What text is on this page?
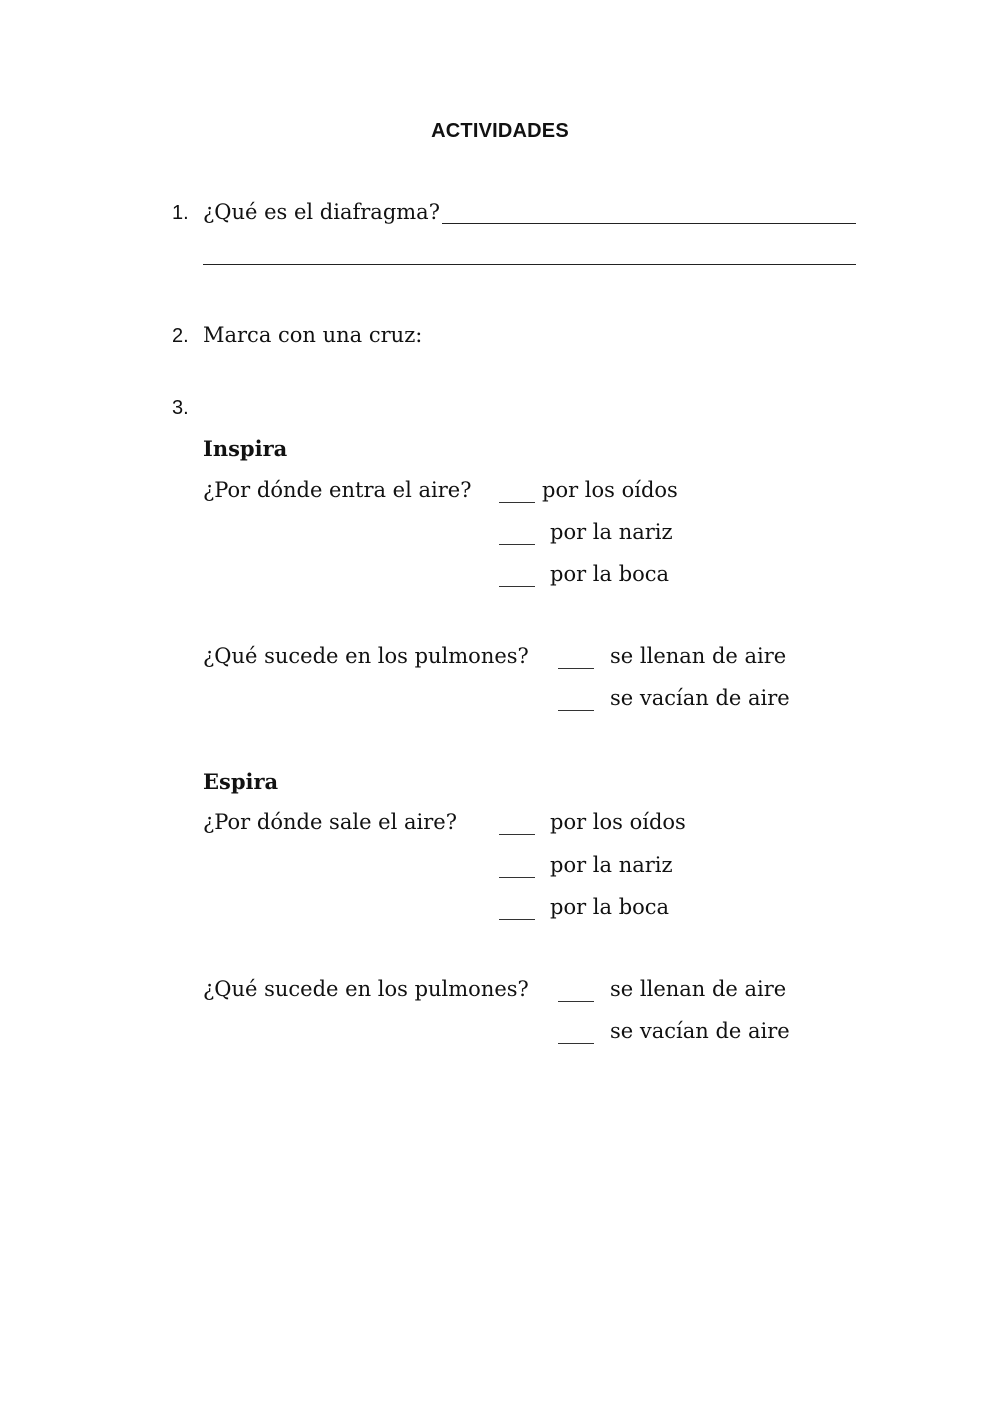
ACTIVIDADES
1. ¿Qué es el diafragma?
2. Marca con una cruz:
3.
Inspira
¿Por dónde entra el aire?	por los oídos
por la nariz
por la boca
¿Qué sucede en los pulmones?	se llenan de aire
se vacían de aire
Espira
¿Por dónde sale el aire?	por los oídos
por la nariz
por la boca
¿Qué sucede en los pulmones?	se llenan de aire
se vacían de aire
